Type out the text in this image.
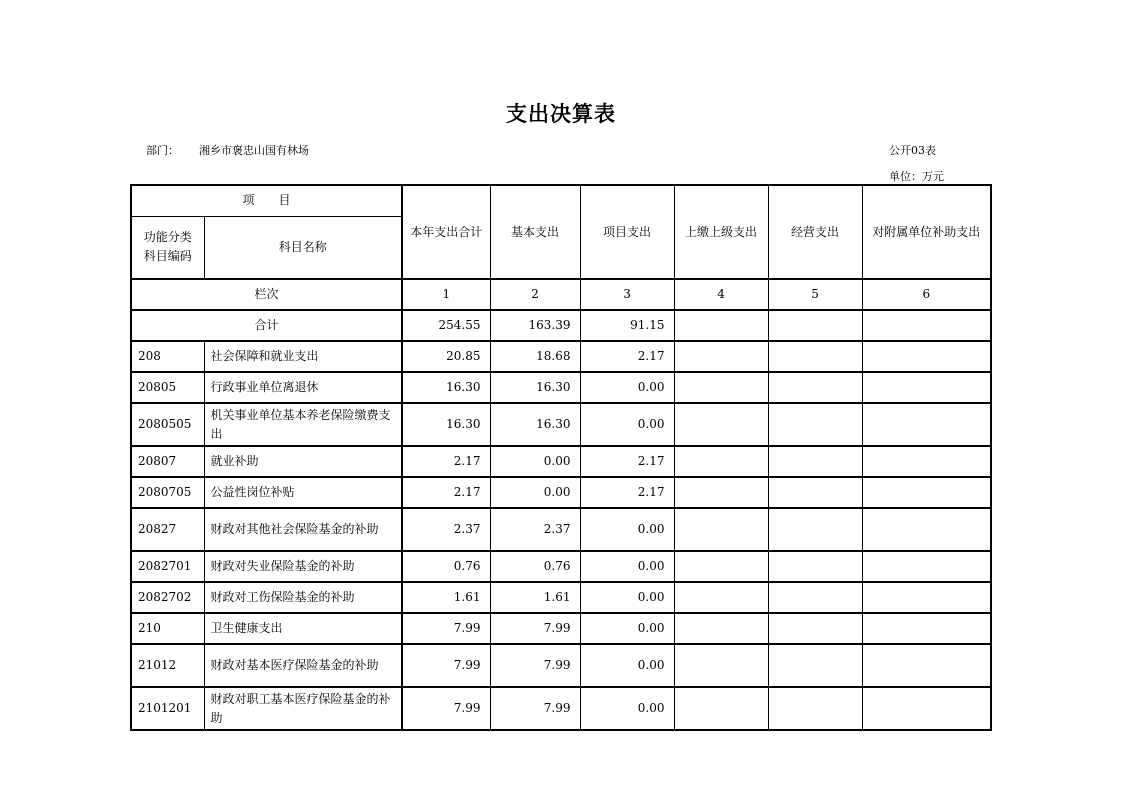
支出决算表
部门： 湘乡市褒忠山国有林场	公开03表
单位：万元
项　　目		本年支出合计	基本支出	项目支出	上缴上级支出	经营支出	对附属单位补助支出
功能分类科目编码	科目名称						
栏次		1	2	3	4	5	6
合计		254.55	163.39	91.15			
208	社会保障和就业支出	20.85	18.68	2.17			
20805	行政事业单位离退休	16.30	16.30	0.00			
2080505	机关事业单位基本养老保险缴费支出	16.30	16.30	0.00			
20807	就业补助	2.17	0.00	2.17			
2080705	公益性岗位补贴	2.17	0.00	2.17			
20827	财政对其他社会保险基金的补助	2.37	2.37	0.00			
2082701	财政对失业保险基金的补助	0.76	0.76	0.00			
2082702	财政对工伤保险基金的补助	1.61	1.61	0.00			
210	卫生健康支出	7.99	7.99	0.00			
21012	财政对基本医疗保险基金的补助	7.99	7.99	0.00			
2101201	财政对职工基本医疗保险基金的补助	7.99	7.99	0.00			
